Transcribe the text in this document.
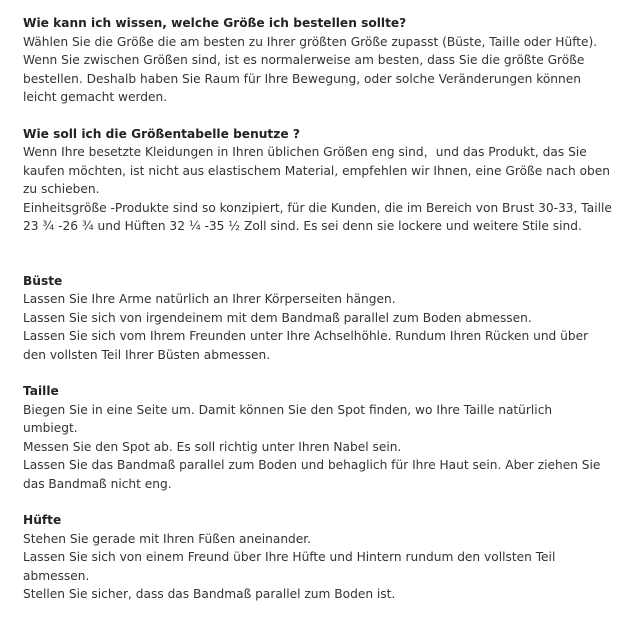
Wie kann ich wissen, welche Größe ich bestellen sollte?

Wählen Sie die Größe die am besten zu Ihrer größten Größe zupasst (Büste, Taille oder Hüfte).
Wenn Sie zwischen Größen sind, ist es normalerweise am besten, dass Sie die größte Größe
bestellen. Deshalb haben Sie Raum für Ihre Bewegung, oder solche Veränderungen können
leicht gemacht werden.

Wie soll ich die Größentabelle benutze ?

Wenn Ihre besetzte Kleidungen in Ihren üblichen Größen eng sind，und das Produkt, das Sie
kaufen möchten, ist nicht aus elastischem Material, empfehlen wir Ihnen, eine Größe nach oben
zu schieben.

Einheitsgröße -Produkte sind so konzipiert, für die Kunden, die im Bereich von Brust 30-33, Taille
23 ¾ -26 ¾ und Hüften 32 ¼ -35 ½ Zoll sind. Es sei denn sie lockere und weitere Stile sind.

Büste

Lassen Sie Ihre Arme natürlich an Ihrer Körperseiten hängen.

Lassen Sie sich von irgendeinem mit dem Bandmaß parallel zum Boden abmessen.

Lassen Sie sich vom Ihrem Freunden unter Ihre Achselhöhle. Rundum Ihren Rücken und über
den vollsten Teil Ihrer Büsten abmessen.

Taille

Biegen Sie in eine Seite um. Damit können Sie den Spot finden, wo Ihre Taille natürlich
umbiegt.

Messen Sie den Spot ab. Es soll richtig unter Ihren Nabel sein.

Lassen Sie das Bandmaß parallel zum Boden und behaglich für Ihre Haut sein. Aber ziehen Sie
das Bandmaß nicht eng.

Hüfte

Stehen Sie gerade mit Ihren Füßen aneinander.

Lassen Sie sich von einem Freund über Ihre Hüfte und Hintern rundum den vollsten Teil
abmessen.

Stellen Sie sicher, dass das Bandmaß parallel zum Boden ist.
